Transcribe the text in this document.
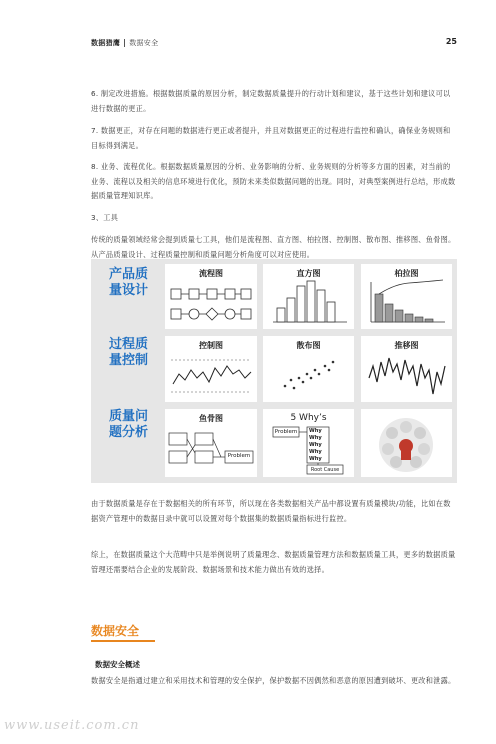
数据猎鹰 数据安全	25
6. 制定改进措施。根据数据质量的原因分析，制定数据质量提升的行动计划和建议，基于这些计划和建议可以进行数据的更正。
7. 数据更正，对存在问题的数据进行更正或者提升，并且对数据更正的过程进行监控和确认，确保业务规则和目标得到满足。
8. 业务、流程优化。根据数据质量原因的分析、业务影响的分析、业务规则的分析等多方面的因素，对当前的业务、流程以及相关的信息环境进行优化，预防未来类似数据问题的出现。同时，对典型案例进行总结，形成数据质量管理知识库。
3、工具
传统的质量领域经常会提到质量七工具，他们是流程图、直方图、柏拉图、控制图、散布图、推移图、鱼骨图。从产品质量设计、过程质量控制和质量问题分析角度可以对应使用。
产品质量设计
过程质量控制
质量问题分析
流程图	直方图	柏拉图
控制图	散布图	推移图
鱼骨图
Problem
5 Why’s
Problem	Why
Why
Why
Why
Why
Root Cause
由于数据质量是存在于数据相关的所有环节，所以现在各类数据相关产品中都设置有质量模块/功能，比如在数据资产管理中的数据目录中就可以设置对每个数据集的数据质量指标进行监控。
综上，在数据质量这个大范畴中只是举例说明了质量理念、数据质量管理方法和数据质量工具，更多的数据质量管理还需要结合企业的发展阶段、数据场景和技术能力做出有效的选择。
数据安全
数据安全概述
数据安全是指通过建立和采用技术和管理的安全保护，保护数据不因偶然和恶意的原因遭到破坏、更改和泄露。
www.useit.com.cn
